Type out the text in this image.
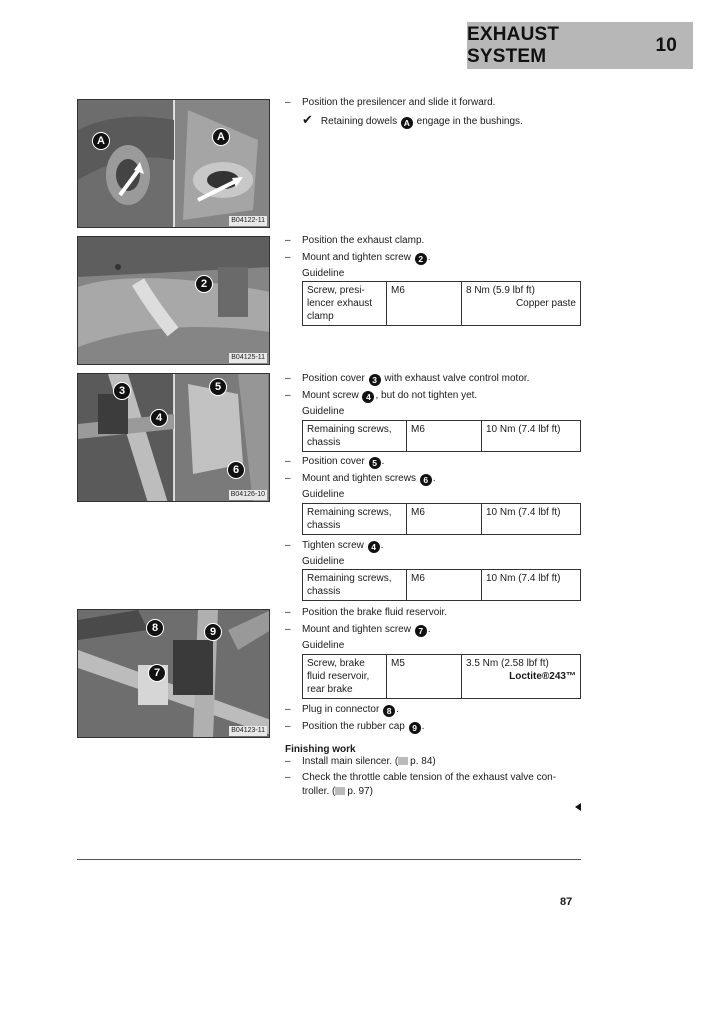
EXHAUST SYSTEM
10
A	A
B04122-11
2
B04125-11
3
4
5
6
B04126-10
8	9
7
B04123-11
– Position the presilencer and slide it forward.
✔ Retaining dowels A engage in the bushings.
– Position the exhaust clamp.
– Mount and tighten screw 2 .
Guideline
Screw, presi-
lencer exhaust
clamp	M6	8 Nm (5.9 lbf ft)
Copper paste
– Position cover 3 with exhaust valve control motor.
– Mount screw 4 , but do not tighten yet.
Guideline
Remaining screws,
chassis	M6	10 Nm (7.4 lbf ft)
– Position cover 5 .
– Mount and tighten screws 6 .
Guideline
Remaining screws,
chassis	M6	10 Nm (7.4 lbf ft)
– Tighten screw 4 .
Guideline
Remaining screws,
chassis	M6	10 Nm (7.4 lbf ft)
– Position the brake fluid reservoir.
– Mount and tighten screw 7 .
Guideline
Screw, brake
fluid reservoir,
rear brake	M5	3.5 Nm (2.58 lbf ft)
Loctite®243™
– Plug in connector 8 .
– Position the rubber cap 9 .
Finishing work
– Install main silencer. ( p. 84)
– Check the throttle cable tension of the exhaust valve con-
troller. ( p. 97)
87
